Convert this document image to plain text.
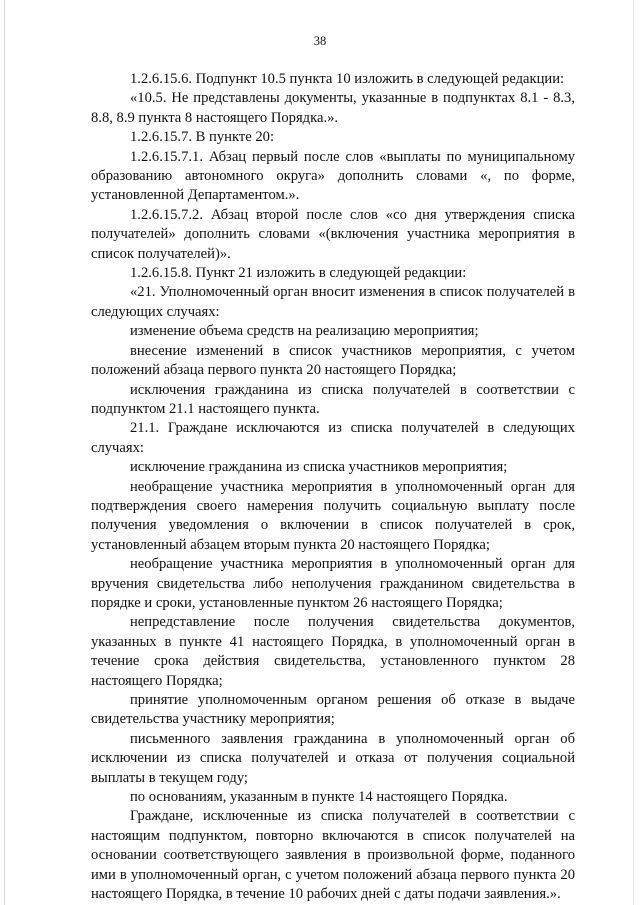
38

1.2.6.15.6. Подпункт 10.5 пункта 10 изложить в следующей редакции:

«10.5. Не представлены документы, указанные в подпунктах 8.1 - 8.3, 8.8, 8.9 пункта 8 настоящего Порядка.».

1.2.6.15.7. В пункте 20:

1.2.6.15.7.1. Абзац первый после слов «выплаты по муниципальному образованию автономного округа» дополнить словами «, по форме, установленной Департаментом.».

1.2.6.15.7.2. Абзац второй после слов «со дня утверждения списка получателей» дополнить словами «(включения участника мероприятия в список получателей)».

1.2.6.15.8. Пункт 21 изложить в следующей редакции:

«21. Уполномоченный орган вносит изменения в список получателей в следующих случаях:

изменение объема средств на реализацию мероприятия;

внесение изменений в список участников мероприятия, с учетом положений абзаца первого пункта 20 настоящего Порядка;

исключения гражданина из списка получателей в соответствии с подпунктом 21.1 настоящего пункта.

21.1. Граждане исключаются из списка получателей в следующих случаях:

исключение гражданина из списка участников мероприятия;

необращение участника мероприятия в уполномоченный орган для подтверждения своего намерения получить социальную выплату после получения уведомления о включении в список получателей в срок, установленный абзацем вторым пункта 20 настоящего Порядка;

необращение участника мероприятия в уполномоченный орган для вручения свидетельства либо неполучения гражданином свидетельства в порядке и сроки, установленные пунктом 26 настоящего Порядка;

непредставление после получения свидетельства документов, указанных в пункте 41 настоящего Порядка, в уполномоченный орган в течение срока действия свидетельства, установленного пунктом 28 настоящего Порядка;

принятие уполномоченным органом решения об отказе в выдаче свидетельства участнику мероприятия;

письменного заявления гражданина в уполномоченный орган об исключении из списка получателей и отказа от получения социальной выплаты в текущем году;

по основаниям, указанным в пункте 14 настоящего Порядка.

Граждане, исключенные из списка получателей в соответствии с настоящим подпунктом, повторно включаются в список получателей на основании соответствующего заявления в произвольной форме, поданного ими в уполномоченный орган, с учетом положений абзаца первого пункта 20 настоящего Порядка, в течение 10 рабочих дней с даты подачи заявления.».
